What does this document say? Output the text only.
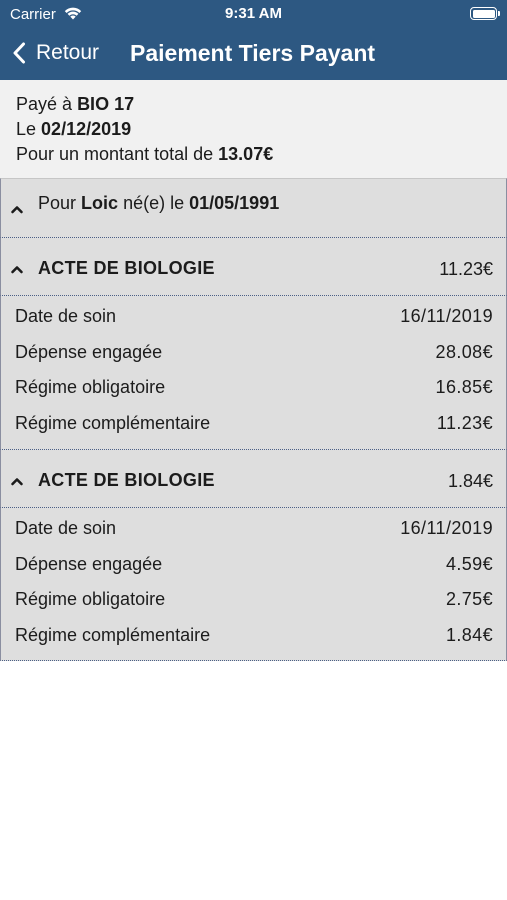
Carrier	9:31 AM
Retour Paiement Tiers Payant
Payé à BIO 17
Le 02/12/2019
Pour un montant total de 13.07€
Pour Loic né(e) le 01/05/1991
ACTE DE BIOLOGIE	11.23€
Date de soin	16/11/2019
Dépense engagée	28.08€
Régime obligatoire	16.85€
Régime complémentaire	11.23€
ACTE DE BIOLOGIE	1.84€
Date de soin	16/11/2019
Dépense engagée	4.59€
Régime obligatoire	2.75€
Régime complémentaire	1.84€
